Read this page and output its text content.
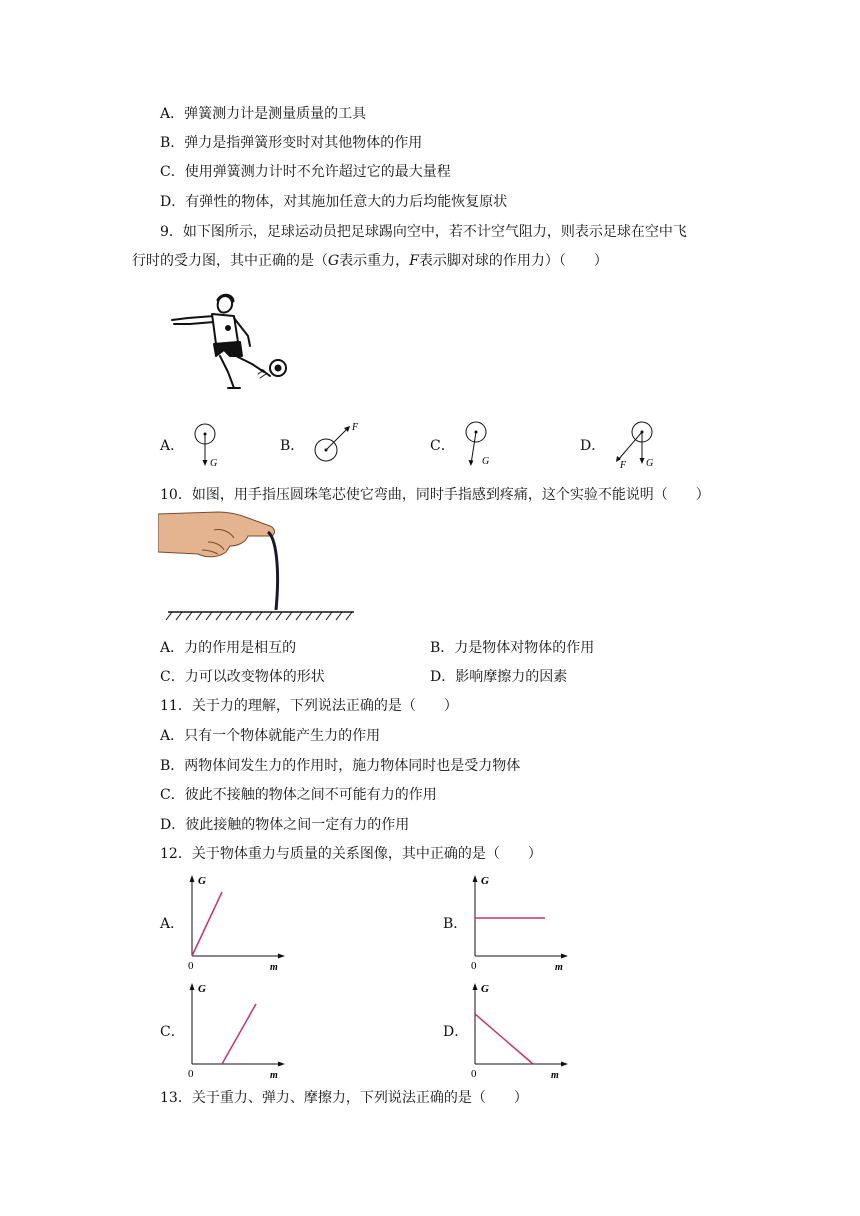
A．弹簧测力计是测量质量的工具
B．弹力是指弹簧形变时对其他物体的作用
C．使用弹簧测力计时不允许超过它的最大量程
D．有弹性的物体，对其施加任意大的力后均能恢复原状
9．如下图所示，足球运动员把足球踢向空中，若不计空气阻力，则表示足球在空中飞
行时的受力图，其中正确的是（G表示重力，F表示脚对球的作用力）（　　）
A．
G
B．
F
C．
G
D．
F G
10．如图，用手指压圆珠笔芯使它弯曲，同时手指感到疼痛，这个实验不能说明（　　）
A．力的作用是相互的	B．力是物体对物体的作用
C．力可以改变物体的形状	D．影响摩擦力的因素
11．关于力的理解，下列说法正确的是（　　）
A．只有一个物体就能产生力的作用
B．两物体间发生力的作用时，施力物体同时也是受力物体
C．彼此不接触的物体之间不可能有力的作用
D．彼此接触的物体之间一定有力的作用
12．关于物体重力与质量的关系图像，其中正确的是（　　）
A．
G
0	m
B．
G
0	m
C．
G
0	m
D．
G
0	m
13．关于重力、弹力、摩擦力，下列说法正确的是（　　）
